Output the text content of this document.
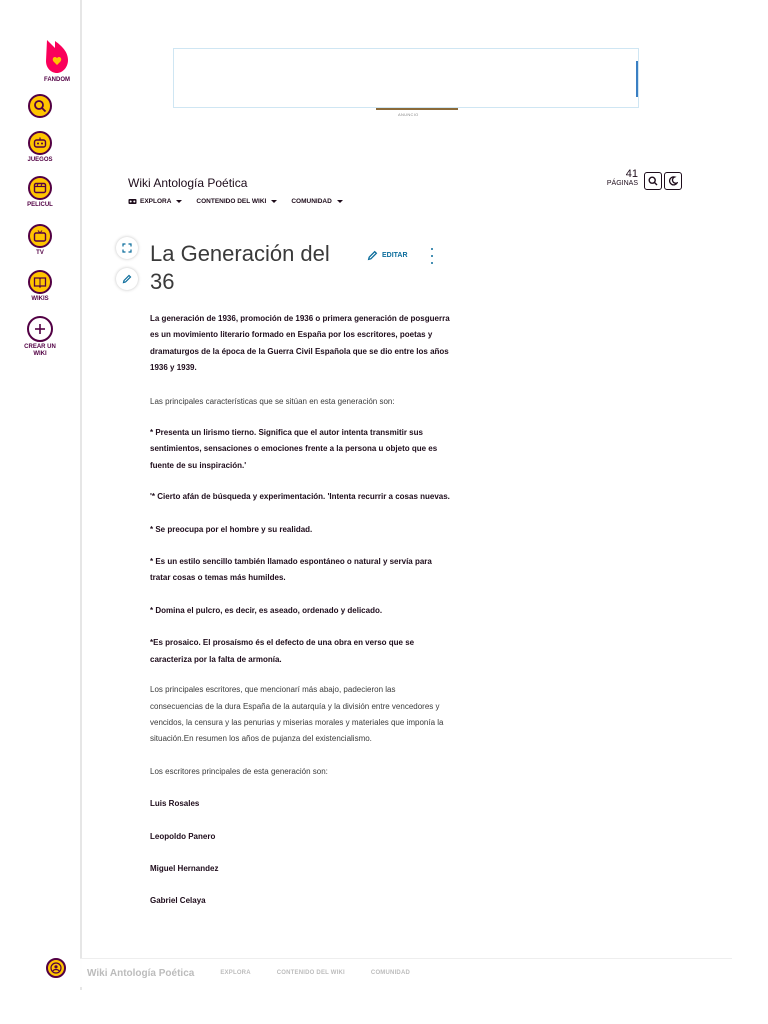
FANDOM
JUEGOS
PELICUL
TV
WIKIS
CREAR UN WIKI
ANUNCIO
Wiki Antología Poética
EXPLORA	CONTENIDO DEL WIKI	COMUNIDAD
41
PÁGINAS
La Generación del 36
EDITAR

La generación de 1936, promoción de 1936 o primera generación de posguerra es un movimiento literario formado en España por los escritores, poetas y dramaturgos de la época de la Guerra Civil Española que se dio entre los años 1936 y 1939.

Las principales características que se sitúan en esta generación son:

* Presenta un lirismo tierno. Significa que el autor intenta transmitir sus sentimientos, sensaciones o emociones frente a la persona u objeto que es fuente de su inspiración.'

'* Cierto afán de búsqueda y experimentación. 'Intenta recurrir a cosas nuevas.

* Se preocupa por el hombre y su realidad.

* Es un estilo sencillo también llamado espontáneo o natural y servía para tratar cosas o temas más humildes.

* Domina el pulcro, es decir, es aseado, ordenado y delicado.

*Es prosaico. El prosaísmo és el defecto de una obra en verso que se caracteriza por la falta de armonía.

Los principales escritores, que mencionarí más abajo, padecieron las consecuencias de la dura España de la autarquía y la división entre vencedores y vencidos, la censura y las penurias y miserias morales y materiales que imponía la situación.En resumen los años de pujanza del existencialismo.

Los escritores principales de esta generación son:

Luis Rosales

Leopoldo Panero

Miguel Hernandez

Gabriel Celaya

Wiki Antología Poética	EXPLORA	CONTENIDO DEL WIKI	COMUNIDAD
